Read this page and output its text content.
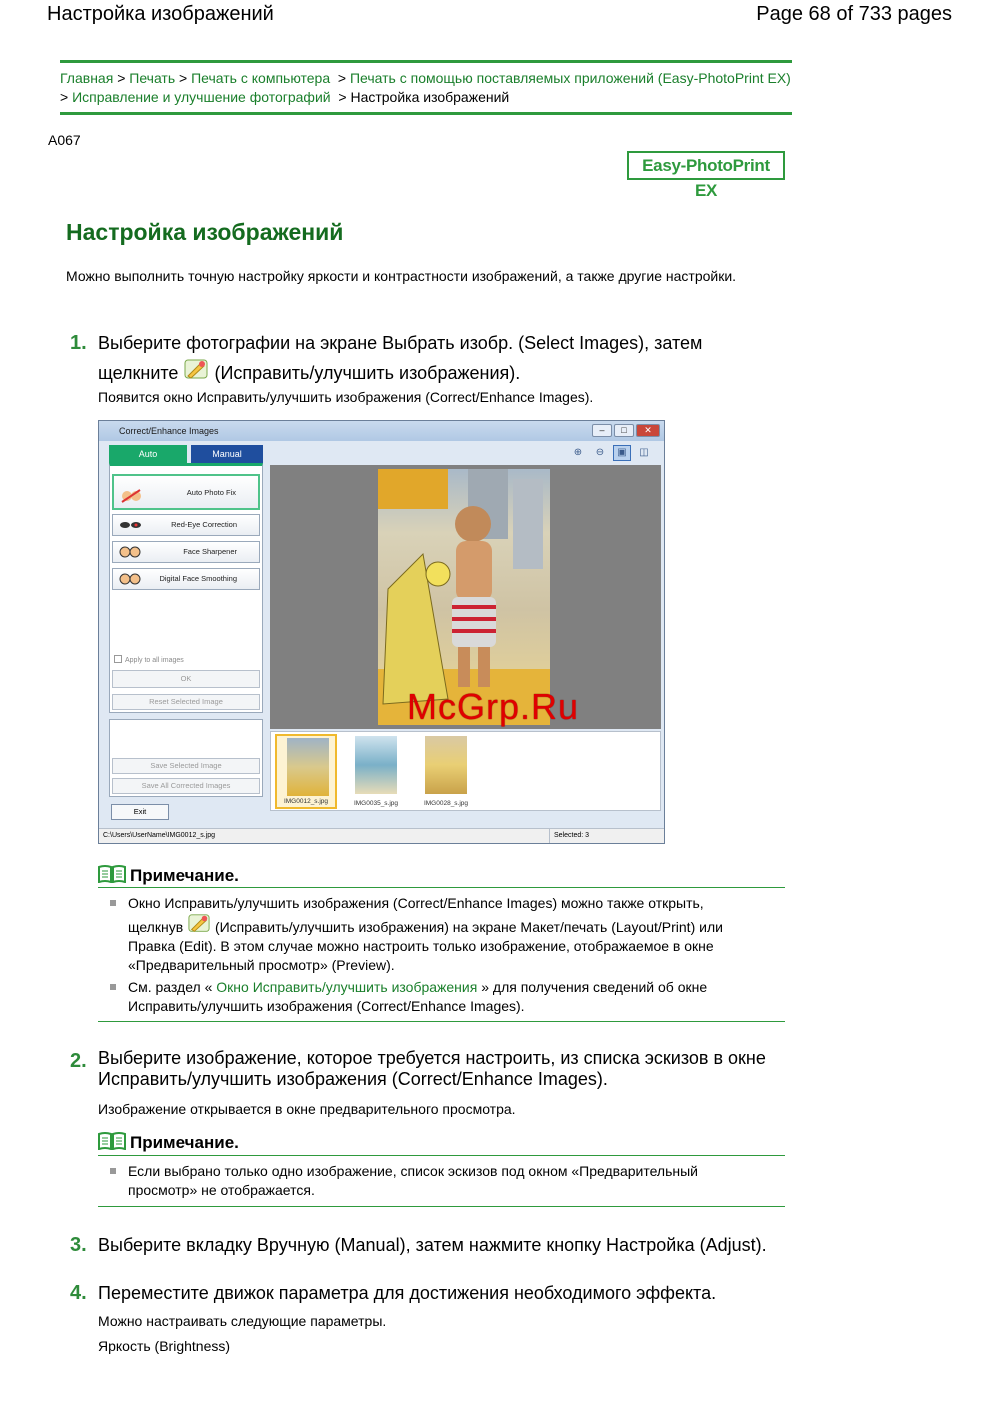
Настройка изображений	Page 68 of 733 pages
Главная > Печать > Печать с компьютера > Печать с помощью поставляемых приложений (Easy-PhotoPrint EX) > Исправление и улучшение фотографий > Настройка изображений
A067
Easy-PhotoPrint EX
Настройка изображений
Можно выполнить точную настройку яркости и контрастности изображений, а также другие настройки.
1. Выберите фотографии на экране Выбрать изобр. (Select Images), затем
щелкните (Исправить/улучшить изображения).
Появится окно Исправить/улучшить изображения (Correct/Enhance Images).
Correct/Enhance Images	–	□	✕
Auto	Manual
Auto Photo Fix
Red-Eye Correction
Face Sharpener
Digital Face Smoothing
Apply to all images
OK
Reset Selected Image
Save Selected Image
Save All Corrected Images
Exit
⊕	⊖	▣	◫
IMG0012_s.jpg	IMG0035_s.jpg	IMG0028_s.jpg
C:\Users\UserName\IMG0012_s.jpg	Selected: 3
McGrp.Ru
Примечание.
Окно Исправить/улучшить изображения (Correct/Enhance Images) можно также открыть,
щелкнув (Исправить/улучшить изображения) на экране Макет/печать (Layout/Print) или Правка (Edit). В этом случае можно настроить только изображение, отображаемое в окне «Предварительный просмотр» (Preview).
См. раздел « Окно Исправить/улучшить изображения » для получения сведений об окне Исправить/улучшить изображения (Correct/Enhance Images).
2. Выберите изображение, которое требуется настроить, из списка эскизов в окне Исправить/улучшить изображения (Correct/Enhance Images).
Изображение открывается в окне предварительного просмотра.
Примечание.
Если выбрано только одно изображение, список эскизов под окном «Предварительный просмотр» не отображается.
3. Выберите вкладку Вручную (Manual), затем нажмите кнопку Настройка (Adjust).
4. Переместите движок параметра для достижения необходимого эффекта.
Можно настраивать следующие параметры.
Яркость (Brightness)
